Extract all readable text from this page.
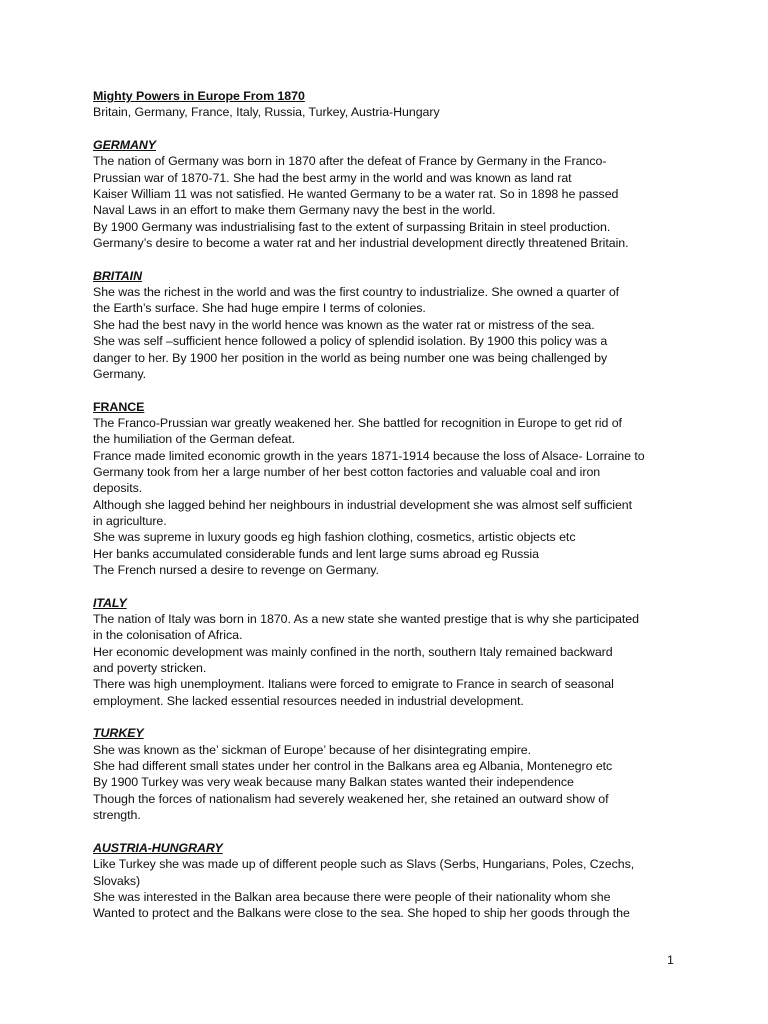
Mighty Powers in Europe From 1870
Britain, Germany, France, Italy, Russia, Turkey, Austria-Hungary
GERMANY
The nation of Germany was born in 1870 after the defeat of France by Germany in the Franco-
Prussian war of 1870-71. She had the best army in the world and was known as land rat
Kaiser William 11 was not satisfied. He wanted Germany to be a water rat. So in 1898 he passed
Naval Laws in an effort to make them Germany navy the best in the world.
By 1900 Germany was industrialising fast to the extent of surpassing Britain in steel production.
Germany’s desire to become a water rat and her industrial development directly threatened Britain.
BRITAIN
She was the richest in the world and was the first country to industrialize. She owned a quarter of
the Earth’s surface. She had huge empire I terms of colonies.
She had the best navy in the world hence was known as the water rat or mistress of the sea.
She was self –sufficient hence followed a policy of splendid isolation. By 1900 this policy was a
danger to her. By 1900 her position in the world as being number one was being challenged by
Germany.
FRANCE
The Franco-Prussian war greatly weakened her. She battled for recognition in Europe to get rid of
the humiliation of the German defeat.
France made limited economic growth in the years 1871-1914 because the loss of Alsace- Lorraine to
Germany took from her a large number of her best cotton factories and valuable coal and iron
deposits.
Although she lagged behind her neighbours in industrial development she was almost self sufficient
in agriculture.
She was supreme in luxury goods eg high fashion clothing, cosmetics, artistic objects etc
Her banks accumulated considerable funds and lent large sums abroad eg Russia
The French nursed a desire to revenge on Germany.
ITALY
The nation of Italy was born in 1870. As a new state she wanted prestige that is why she participated
in the colonisation of Africa.
Her economic development was mainly confined in the north, southern Italy remained backward
and poverty stricken.
There was high unemployment. Italians were forced to emigrate to France in search of seasonal
employment. She lacked essential resources needed in industrial development.
TURKEY
She was known as the’ sickman of Europe’ because of her disintegrating empire.
She had different small states under her control in the Balkans area eg Albania, Montenegro etc
By 1900 Turkey was very weak because many Balkan states wanted their independence
Though the forces of nationalism had severely weakened her, she retained an outward show of
strength.
AUSTRIA-HUNGRARY
Like Turkey she was made up of different people such as Slavs (Serbs, Hungarians, Poles, Czechs,
Slovaks)
She was interested in the Balkan area because there were people of their nationality whom she
Wanted to protect and the Balkans were close to the sea. She hoped to ship her goods through the
1
